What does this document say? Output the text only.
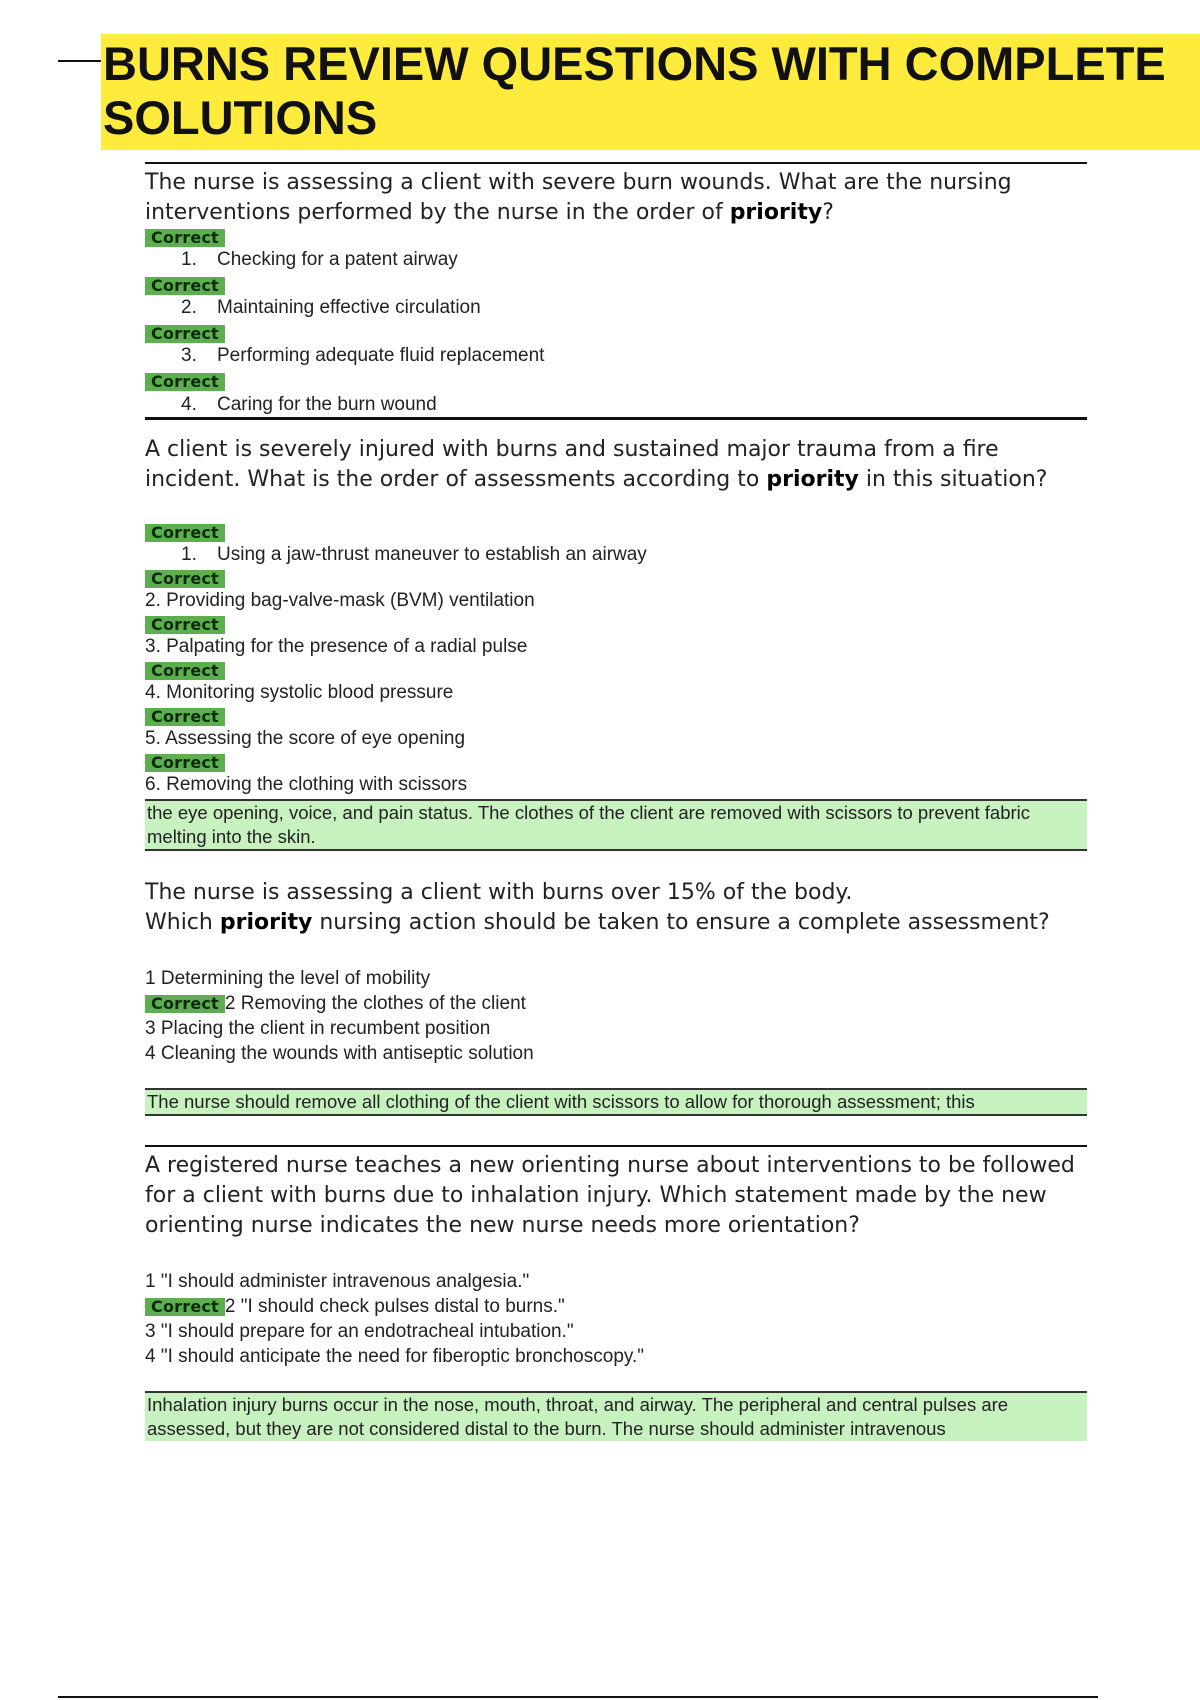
BURNS REVIEW QUESTIONS WITH COMPLETE
SOLUTIONS
The nurse is assessing a client with severe burn wounds. What are the nursing interventions performed by the nurse in the order of priority?
Correct
1. Checking for a patent airway
Correct
2. Maintaining effective circulation
Correct
3. Performing adequate fluid replacement
Correct
4. Caring for the burn wound
A client is severely injured with burns and sustained major trauma from a fire incident. What is the order of assessments according to priority in this situation?
Correct
1. Using a jaw-thrust maneuver to establish an airway
Correct
2. Providing bag-valve-mask (BVM) ventilation
Correct
3. Palpating for the presence of a radial pulse
Correct
4. Monitoring systolic blood pressure
Correct
5. Assessing the score of eye opening
Correct
6. Removing the clothing with scissors
the eye opening, voice, and pain status. The clothes of the client are removed with scissors to prevent fabric melting into the skin.
The nurse is assessing a client with burns over 15% of the body.
Which priority nursing action should be taken to ensure a complete assessment?
1 Determining the level of mobility
Correct 2 Removing the clothes of the client
3 Placing the client in recumbent position
4 Cleaning the wounds with antiseptic solution
The nurse should remove all clothing of the client with scissors to allow for thorough assessment; this
A registered nurse teaches a new orienting nurse about interventions to be followed for a client with burns due to inhalation injury. Which statement made by the new orienting nurse indicates the new nurse needs more orientation?
1 "I should administer intravenous analgesia."
Correct 2 "I should check pulses distal to burns."
3 "I should prepare for an endotracheal intubation."
4 "I should anticipate the need for fiberoptic bronchoscopy."
Inhalation injury burns occur in the nose, mouth, throat, and airway. The peripheral and central pulses are assessed, but they are not considered distal to the burn. The nurse should administer intravenous
